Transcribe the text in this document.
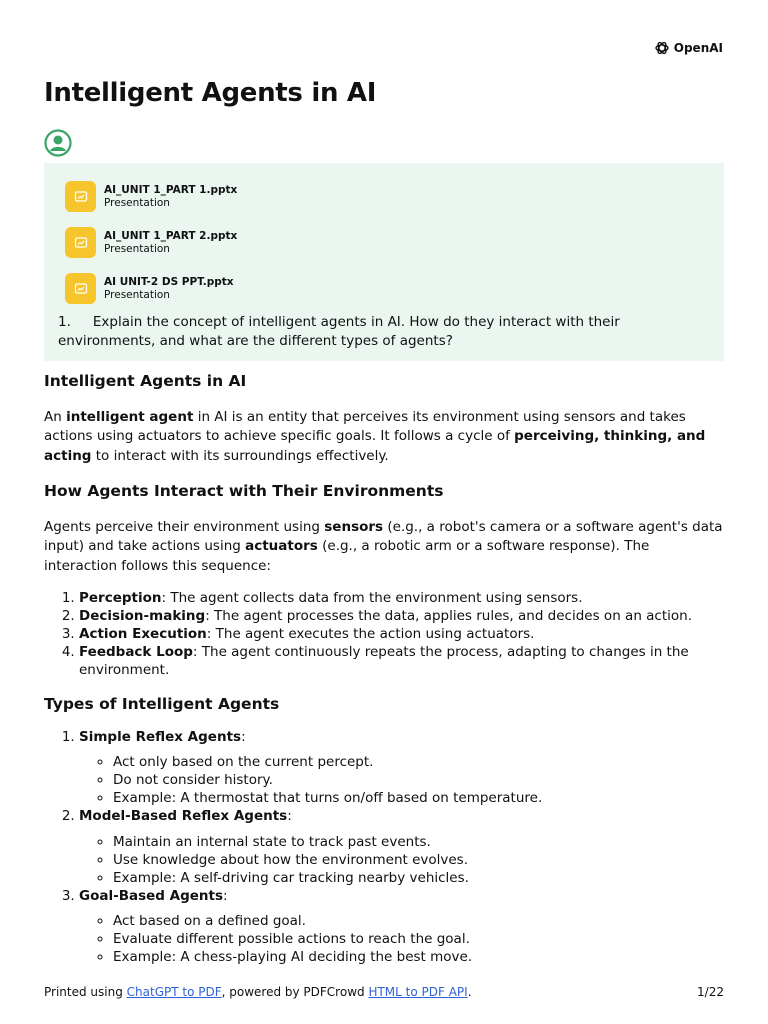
OpenAI
Intelligent Agents in AI
AI_UNIT 1_PART 1.pptx
Presentation
AI_UNIT 1_PART 2.pptx
Presentation
AI UNIT-2 DS PPT.pptx
Presentation
1. Explain the concept of intelligent agents in AI. How do they interact with their environments, and what are the different types of agents?
Intelligent Agents in AI

An intelligent agent in AI is an entity that perceives its environment using sensors and takes actions using actuators to achieve specific goals. It follows a cycle of perceiving, thinking, and acting to interact with its surroundings effectively.

How Agents Interact with Their Environments

Agents perceive their environment using sensors (e.g., a robot's camera or a software agent's data input) and take actions using actuators (e.g., a robotic arm or a software response). The interaction follows this sequence:

1. Perception: The agent collects data from the environment using sensors.
2. Decision-making: The agent processes the data, applies rules, and decides on an action.
3. Action Execution: The agent executes the action using actuators.
4. Feedback Loop: The agent continuously repeats the process, adapting to changes in the environment.
Types of Intelligent Agents
1. Simple Reflex Agents:
◦ Act only based on the current percept.
◦ Do not consider history.
◦ Example: A thermostat that turns on/off based on temperature.
2. Model-Based Reflex Agents:
◦ Maintain an internal state to track past events.
◦ Use knowledge about how the environment evolves.
◦ Example: A self-driving car tracking nearby vehicles.
3. Goal-Based Agents:
◦ Act based on a defined goal.
◦ Evaluate different possible actions to reach the goal.
◦ Example: A chess-playing AI deciding the best move.
Printed using ChatGPT to PDF, powered by PDFCrowd HTML to PDF API.	1/22
